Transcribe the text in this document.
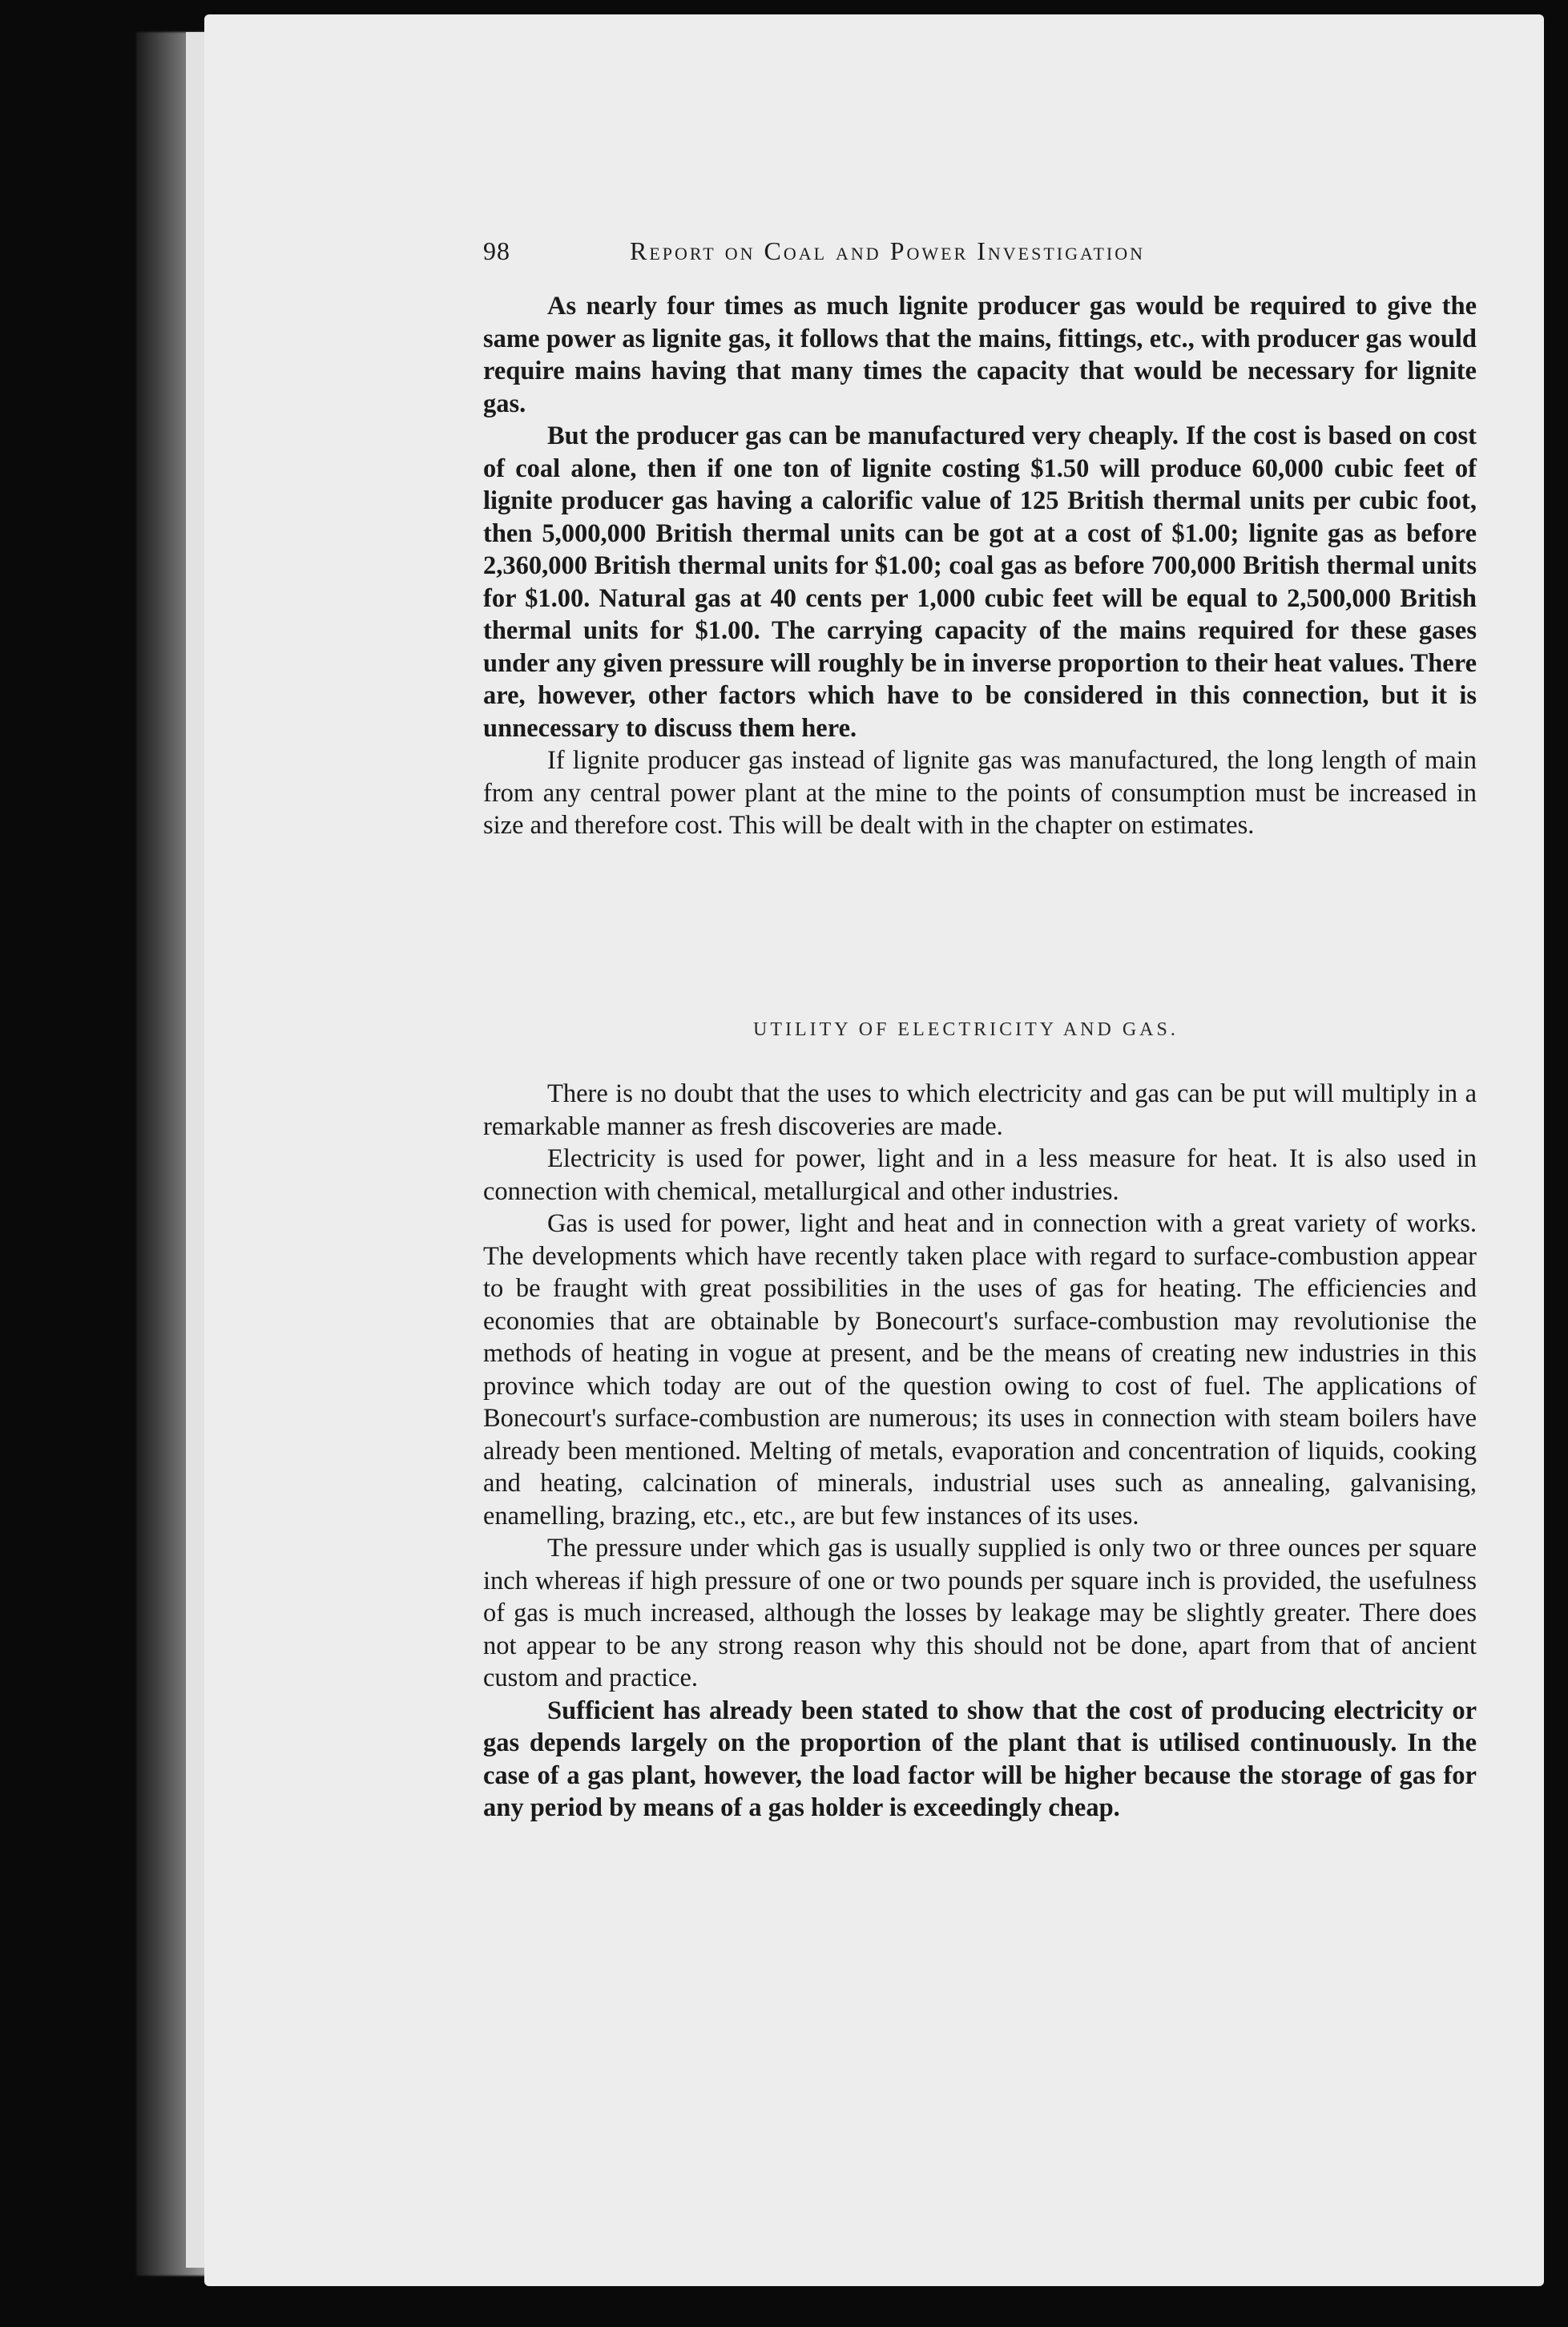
98	Report on Coal and Power Investigation

As nearly four times as much lignite producer gas would be required to give the same power as lignite gas, it follows that the mains, fittings, etc., with producer gas would require mains having that many times the capacity that would be necessary for lignite gas.

But the producer gas can be manufactured very cheaply. If the cost is based on cost of coal alone, then if one ton of lignite costing $1.50 will produce 60,000 cubic feet of lignite producer gas having a calorific value of 125 British thermal units per cubic foot, then 5,000,000 British thermal units can be got at a cost of $1.00; lignite gas as before 2,360,000 British thermal units for $1.00; coal gas as before 700,000 British thermal units for $1.00. Natural gas at 40 cents per 1,000 cubic feet will be equal to 2,500,000 British thermal units for $1.00. The carrying capacity of the mains required for these gases under any given pressure will roughly be in inverse proportion to their heat values. There are, however, other factors which have to be considered in this connection, but it is unnecessary to discuss them here.

If lignite producer gas instead of lignite gas was manufactured, the long length of main from any central power plant at the mine to the points of consumption must be increased in size and therefore cost. This will be dealt with in the chapter on estimates.

UTILITY OF ELECTRICITY AND GAS.

There is no doubt that the uses to which electricity and gas can be put will multiply in a remarkable manner as fresh discoveries are made.

Electricity is used for power, light and in a less measure for heat. It is also used in connection with chemical, metallurgical and other industries.

Gas is used for power, light and heat and in connection with a great variety of works. The developments which have recently taken place with regard to surface-combustion appear to be fraught with great possibilities in the uses of gas for heating. The efficiencies and economies that are obtainable by Bonecourt's surface-combustion may revolutionise the methods of heating in vogue at present, and be the means of creating new industries in this province which today are out of the question owing to cost of fuel. The applications of Bonecourt's surface-combustion are numerous; its uses in connection with steam boilers have already been mentioned. Melting of metals, evaporation and concentration of liquids, cooking and heating, calcination of minerals, industrial uses such as annealing, galvanising, enamelling, brazing, etc., etc., are but few instances of its uses.

The pressure under which gas is usually supplied is only two or three ounces per square inch whereas if high pressure of one or two pounds per square inch is provided, the usefulness of gas is much increased, although the losses by leakage may be slightly greater. There does not appear to be any strong reason why this should not be done, apart from that of ancient custom and practice.

Sufficient has already been stated to show that the cost of producing electricity or gas depends largely on the proportion of the plant that is utilised continuously. In the case of a gas plant, however, the load factor will be higher because the storage of gas for any period by means of a gas holder is exceedingly cheap.
